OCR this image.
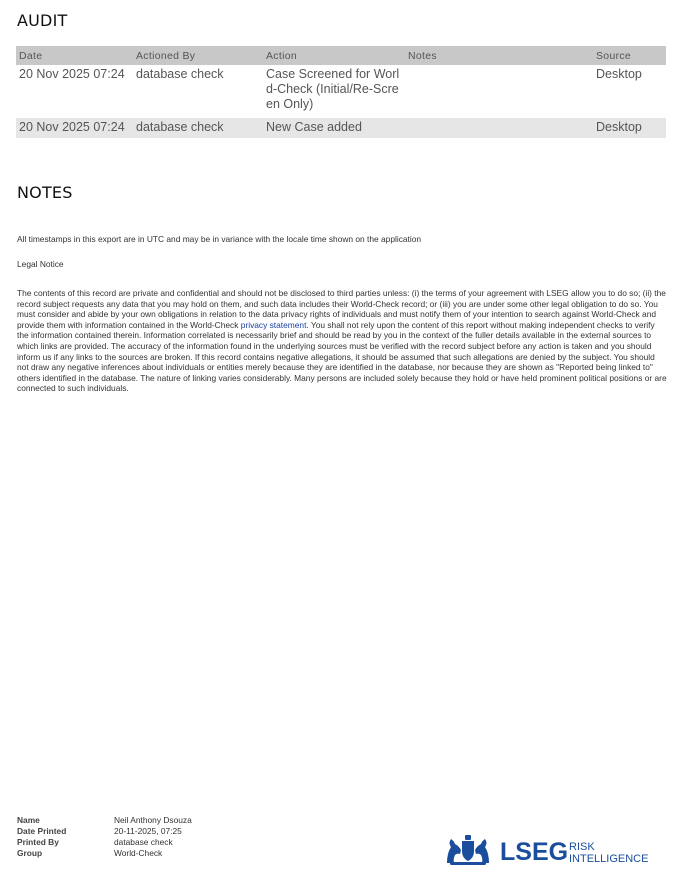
AUDIT
Date	Actioned By	Action	Notes	Source
20 Nov 2025 07:24	database check	Case Screened for World-Check (Initial/Re-Screen Only)		Desktop

20 Nov 2025 07:24	database check	New Case added		Desktop
NOTES

All timestamps in this export are in UTC and may be in variance with the locale time shown on the application

Legal Notice

The contents of this record are private and confidential and should not be disclosed to third parties unless: (i) the terms of your agreement with LSEG allow you to do so; (ii) the record subject requests any data that you may hold on them, and such data includes their World-Check record; or (iii) you are under some other legal obligation to do so. You must consider and abide by your own obligations in relation to the data privacy rights of individuals and must notify them of your intention to search against World-Check and provide them with information contained in the World-Check privacy statement. You shall not rely upon the content of this report without making independent checks to verify the information contained therein. Information correlated is necessarily brief and should be read by you in the context of the fuller details available in the external sources to which links are provided. The accuracy of the information found in the underlying sources must be verified with the record subject before any action is taken and you should inform us if any links to the sources are broken. If this record contains negative allegations, it should be assumed that such allegations are denied by the subject. You should not draw any negative inferences about individuals or entities merely because they are identified in the database, nor because they are shown as "Reported being linked to" others identified in the database. The nature of linking varies considerably. Many persons are included solely because they hold or have held prominent political positions or are connected to such individuals.

Name	Neil Anthony Dsouza
Date Printed	20-11-2025, 07:25
Printed By	database check
Group	World-Check	LSEG RISK
INTELLIGENCE
